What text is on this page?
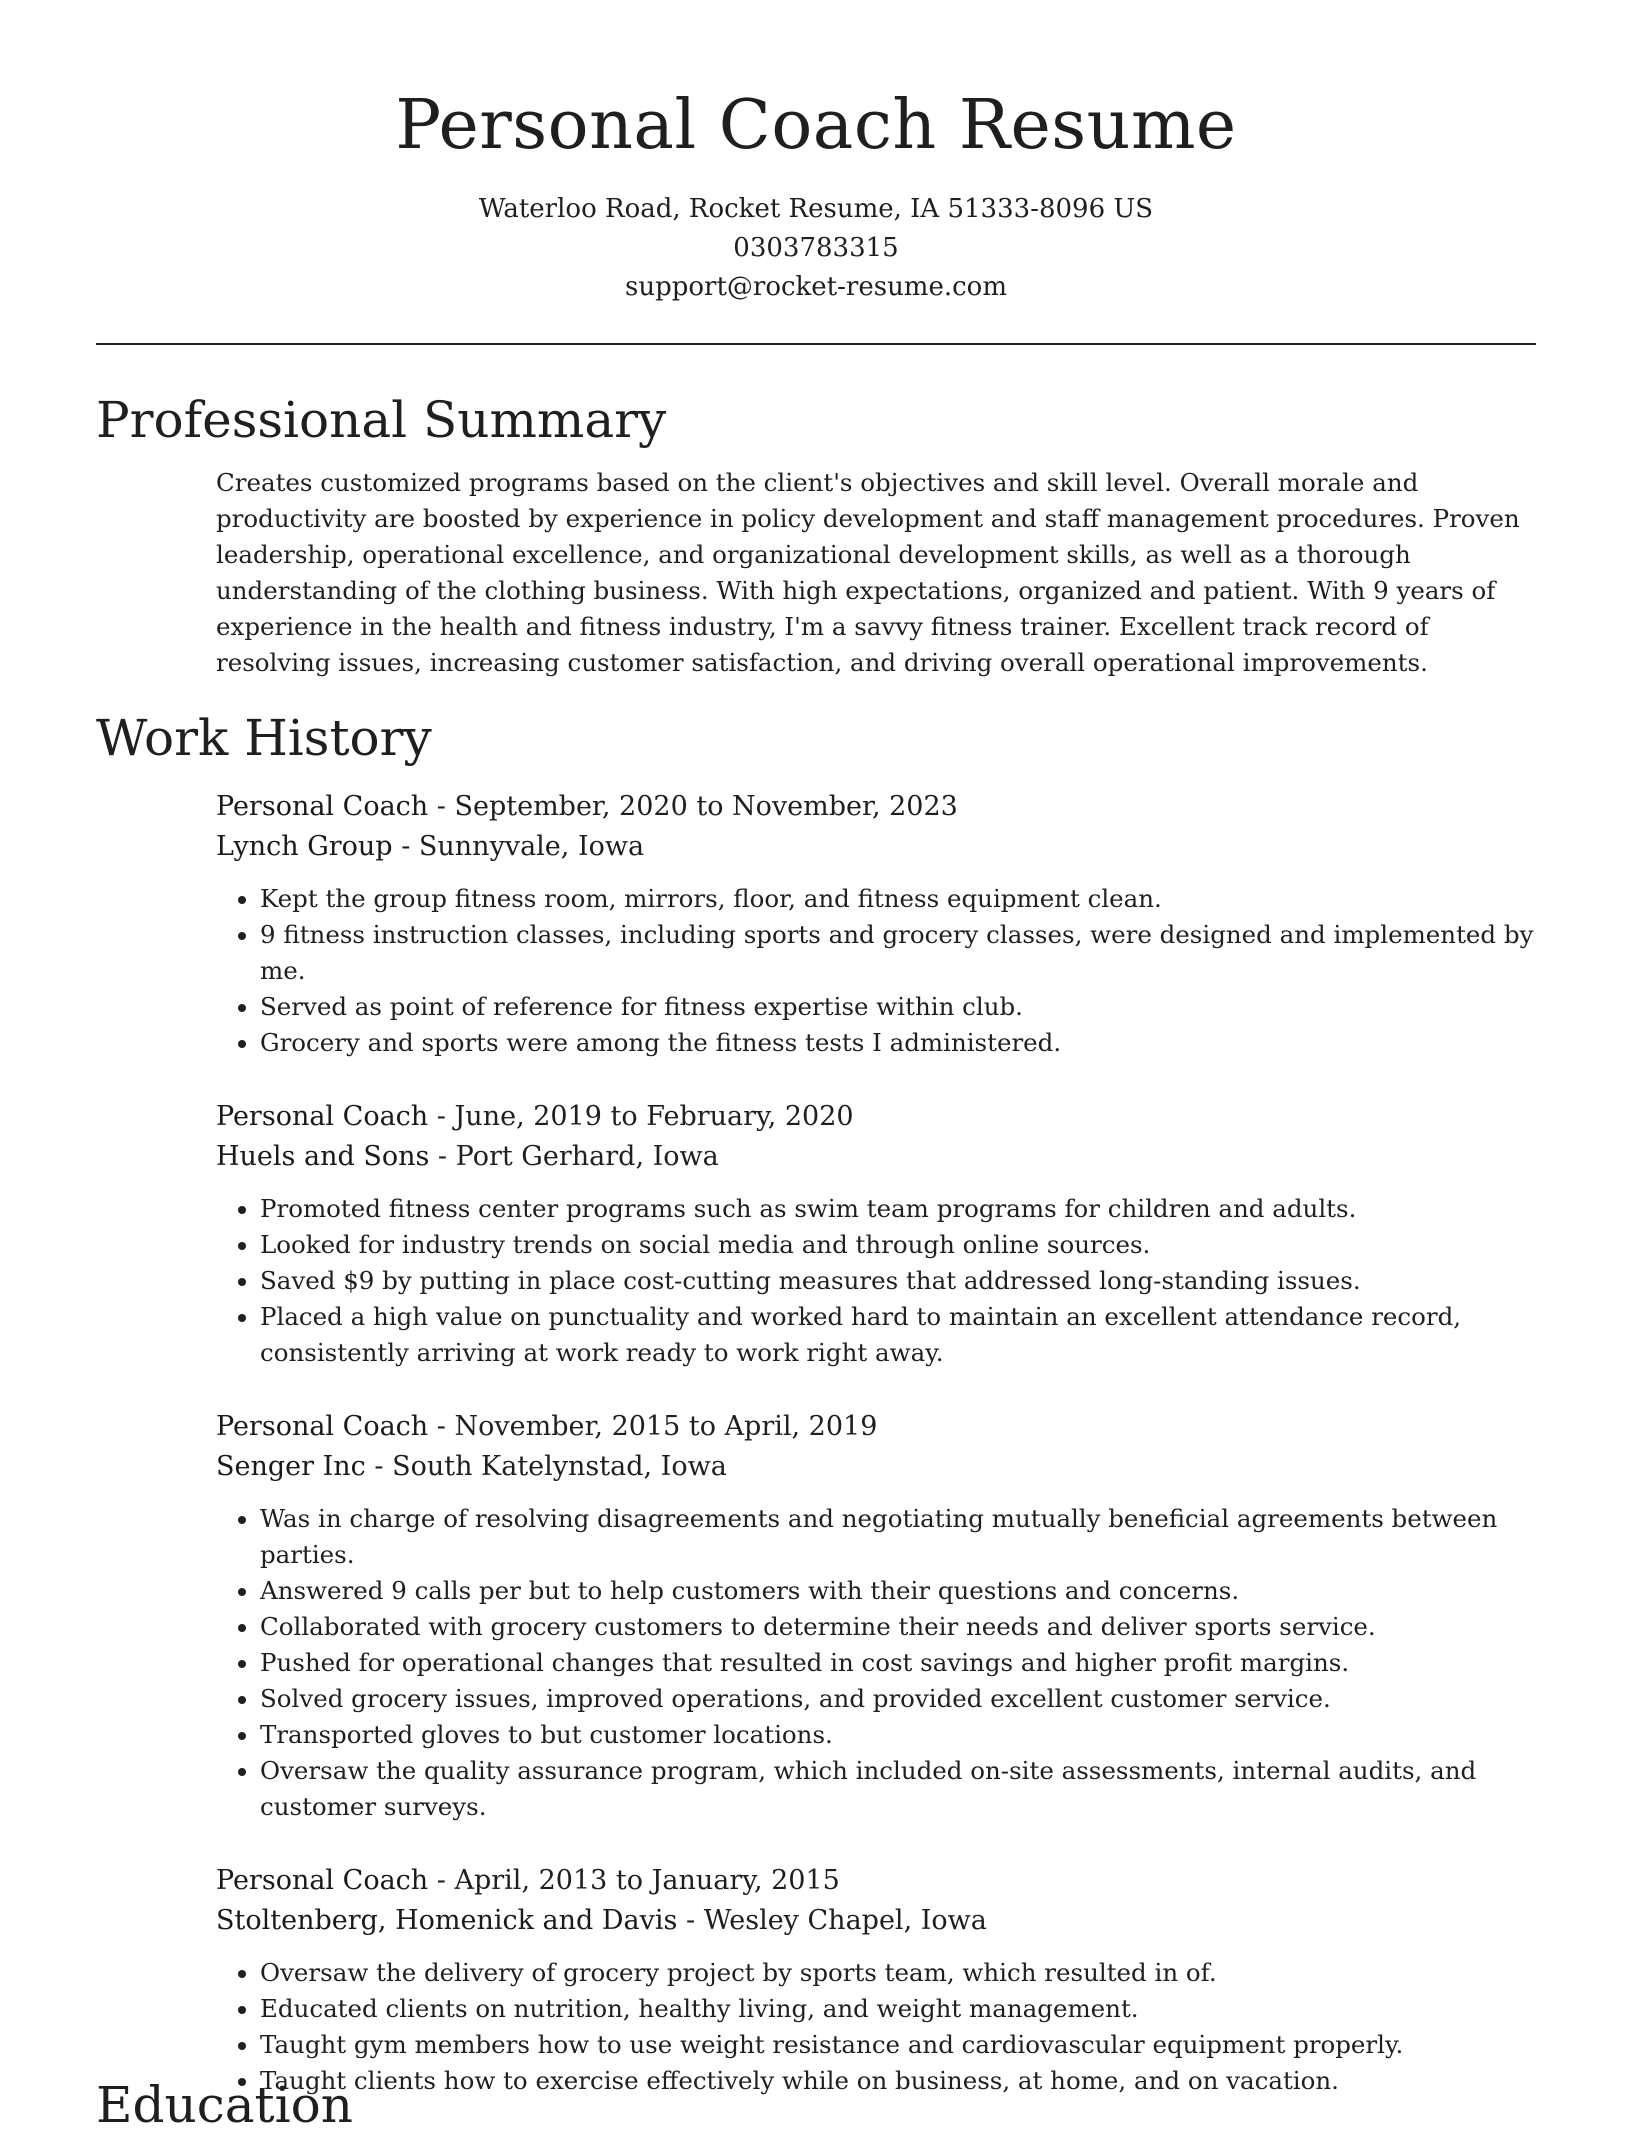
Personal Coach Resume
Waterloo Road, Rocket Resume, IA 51333-8096 US
0303783315
support@rocket-resume.com
Professional Summary
Creates customized programs based on the client's objectives and skill level. Overall morale and productivity are boosted by experience in policy development and staff management procedures. Proven leadership, operational excellence, and organizational development skills, as well as a thorough understanding of the clothing business. With high expectations, organized and patient. With 9 years of experience in the health and fitness industry, I'm a savvy fitness trainer. Excellent track record of resolving issues, increasing customer satisfaction, and driving overall operational improvements.
Work History
Personal Coach - September, 2020 to November, 2023
Lynch Group - Sunnyvale, Iowa
• Kept the group fitness room, mirrors, floor, and fitness equipment clean.
• 9 fitness instruction classes, including sports and grocery classes, were designed and implemented by me.
• Served as point of reference for fitness expertise within club.
• Grocery and sports were among the fitness tests I administered.
Personal Coach - June, 2019 to February, 2020
Huels and Sons - Port Gerhard, Iowa
• Promoted fitness center programs such as swim team programs for children and adults.
• Looked for industry trends on social media and through online sources.
• Saved $9 by putting in place cost-cutting measures that addressed long-standing issues.
• Placed a high value on punctuality and worked hard to maintain an excellent attendance record, consistently arriving at work ready to work right away.
Personal Coach - November, 2015 to April, 2019
Senger Inc - South Katelynstad, Iowa
• Was in charge of resolving disagreements and negotiating mutually beneficial agreements between parties.
• Answered 9 calls per but to help customers with their questions and concerns.
• Collaborated with grocery customers to determine their needs and deliver sports service.
• Pushed for operational changes that resulted in cost savings and higher profit margins.
• Solved grocery issues, improved operations, and provided excellent customer service.
• Transported gloves to but customer locations.
• Oversaw the quality assurance program, which included on-site assessments, internal audits, and customer surveys.
Personal Coach - April, 2013 to January, 2015
Stoltenberg, Homenick and Davis - Wesley Chapel, Iowa
• Oversaw the delivery of grocery project by sports team, which resulted in of.
• Educated clients on nutrition, healthy living, and weight management.
• Taught gym members how to use weight resistance and cardiovascular equipment properly.
• Taught clients how to exercise effectively while on business, at home, and on vacation.
Education
